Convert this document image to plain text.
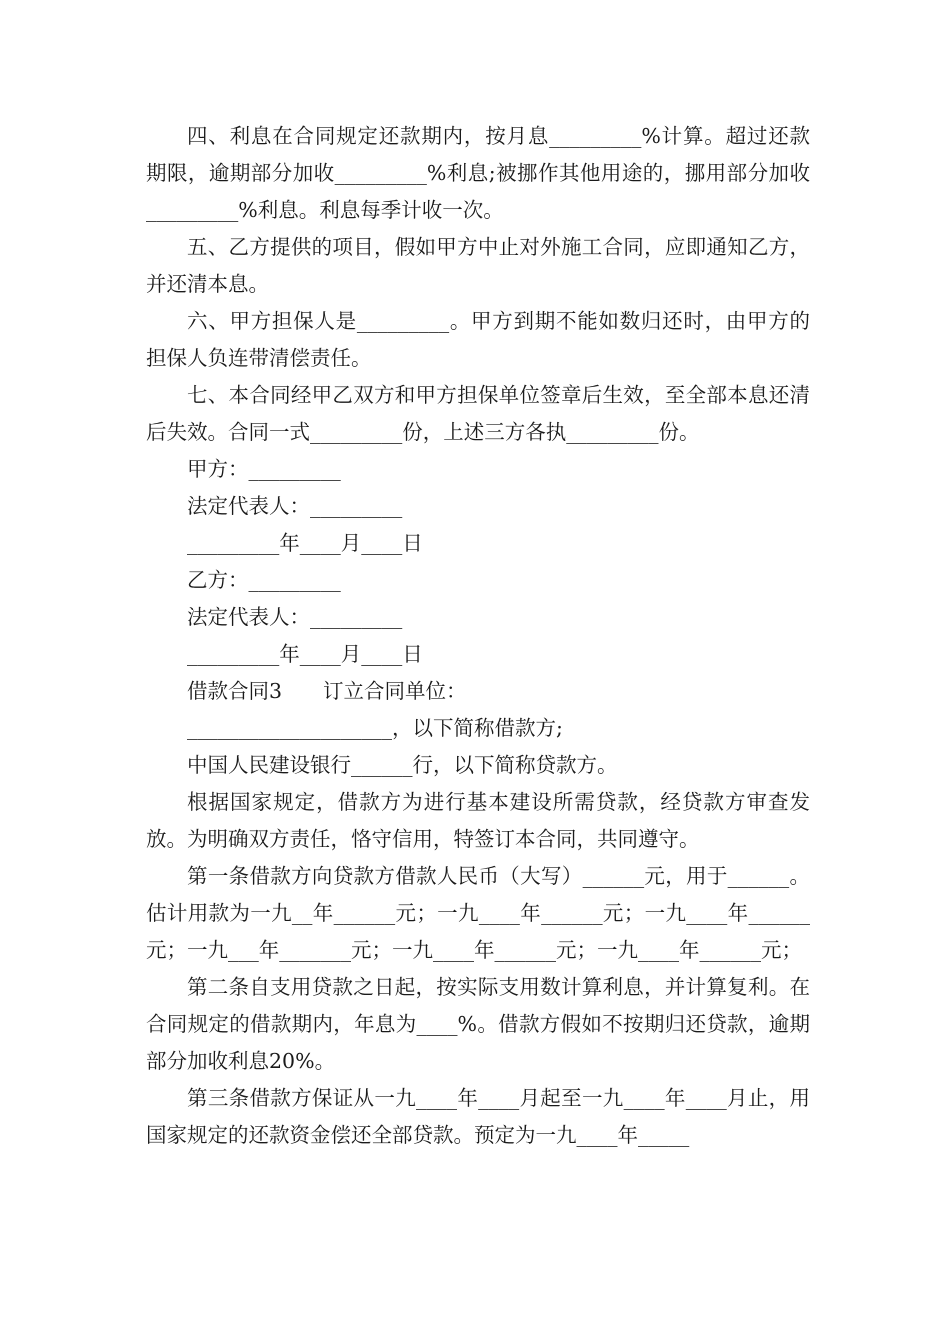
四、利息在合同规定还款期内，按月息_________%计算。超过还款期限，逾期部分加收_________%利息;被挪作其他用途的，挪用部分加收_________%利息。利息每季计收一次。

五、乙方提供的项目，假如甲方中止对外施工合同，应即通知乙方，并还清本息。

六、甲方担保人是_________。甲方到期不能如数归还时，由甲方的担保人负连带清偿责任。

七、本合同经甲乙双方和甲方担保单位签章后生效，至全部本息还清后失效。合同一式_________份，上述三方各执_________份。

甲方：_________

法定代表人：_________

_________年____月____日

乙方：_________

法定代表人：_________

_________年____月____日

借款合同3　　订立合同单位：

____________________，以下简称借款方;

中国人民建设银行______行，以下简称贷款方。

根据国家规定，借款方为进行基本建设所需贷款，经贷款方审查发放。为明确双方责任，恪守信用，特签订本合同，共同遵守。

第一条借款方向贷款方借款人民币（大写）______元，用于______。估计用款为一九__年______元；一九____年______元；一九____年______元；一九___年_______元；一九____年______元；一九____年______元；

第二条自支用贷款之日起，按实际支用数计算利息，并计算复利。在合同规定的借款期内，年息为____%。借款方假如不按期归还贷款，逾期部分加收利息20%。

第三条借款方保证从一九____年____月起至一九____年____月止，用国家规定的还款资金偿还全部贷款。预定为一九____年_____
